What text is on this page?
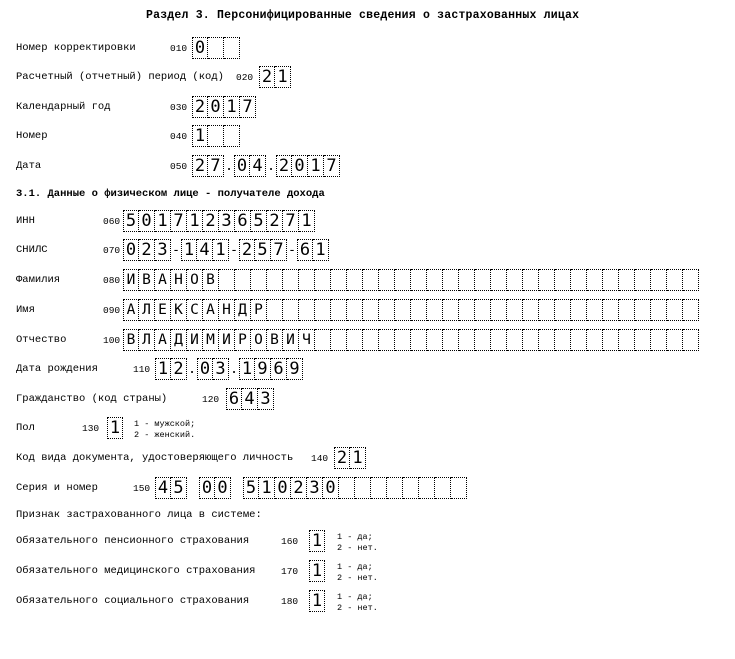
Раздел 3. Персонифицированные сведения о застрахованных лицах
Номер корректировки	010 0
Расчетный (отчетный) период (код) 020 2 1
Календарный год	030 2 0 1 7
Номер	040 1
Дата	050 2 7 . 0 4 . 2 0 1 7
3.1. Данные о физическом лице - получателе дохода
ИНН	060 5 0 1 7 1 2 3 6 5 2 7 1
СНИЛС	070 0 2 3 - 1 4 1 - 2 5 7 - 6 1
Фамилия	080 И В А Н О В
Имя	090 А Л Е К С А Н Д Р
Отчество	100 В Л А Д И М И Р О В И Ч
Дата рождения	110 1 2 . 0 3 . 1 9 6 9
Гражданство (код страны)	120 6 4 3
Пол	130 1	1 - мужской;
2 - женский.
Код вида документа, удостоверяющего личность 140 2 1
Серия и номер	150 4 5 0 0 5 1 0 2 3 0
Признак застрахованного лица в системе:
Обязательного пенсионного страхования	160 1	1 - да;
2 - нет.
Обязательного медицинского страхования	170 1	1 - да;
2 - нет.
Обязательного социального страхования	180 1	1 - да;
2 - нет.
